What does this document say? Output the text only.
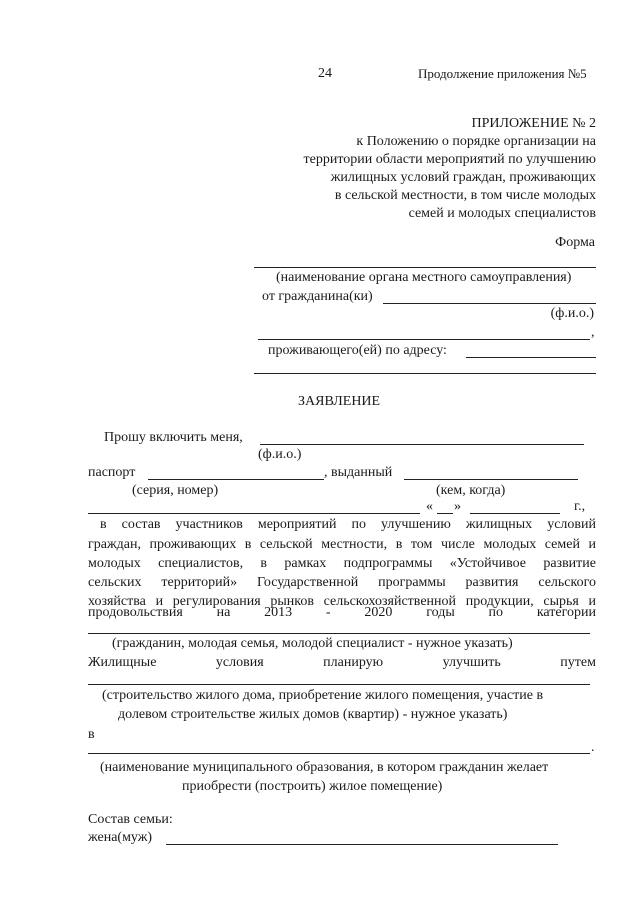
24	Продолжение приложения №5
ПРИЛОЖЕНИЕ № 2
к Положению о порядке организации на
территории области мероприятий по улучшению
жилищных условий граждан, проживающих
в сельской местности, в том числе молодых
семей и молодых специалистов
Форма
(наименование органа местного самоуправления)
от гражданина(ки)
(ф.и.о.)
,
проживающего(ей) по адресу:
ЗАЯВЛЕНИЕ
Прошу включить меня,
(ф.и.о.)
паспорт	, выданный
(серия, номер)	(кем, когда)
« »	г.,
в состав участников мероприятий по улучшению жилищных условий
граждан, проживающих в сельской местности, в том числе молодых семей и
молодых специалистов, в рамках подпрограммы «Устойчивое развитие
сельских территорий» Государственной программы развития сельского
хозяйства и регулирования рынков сельскохозяйственной продукции, сырья и
продовольствия на 2013 - 2020 годы по категории
(гражданин, молодая семья, молодой специалист - нужное указать)
Жилищные условия планирую улучшить путем
(строительство жилого дома, приобретение жилого помещения, участие в
долевом строительстве жилых домов (квартир) - нужное указать)
в
.
(наименование муниципального образования, в котором гражданин желает
приобрести (построить) жилое помещение)
Состав семьи:
жена(муж)
